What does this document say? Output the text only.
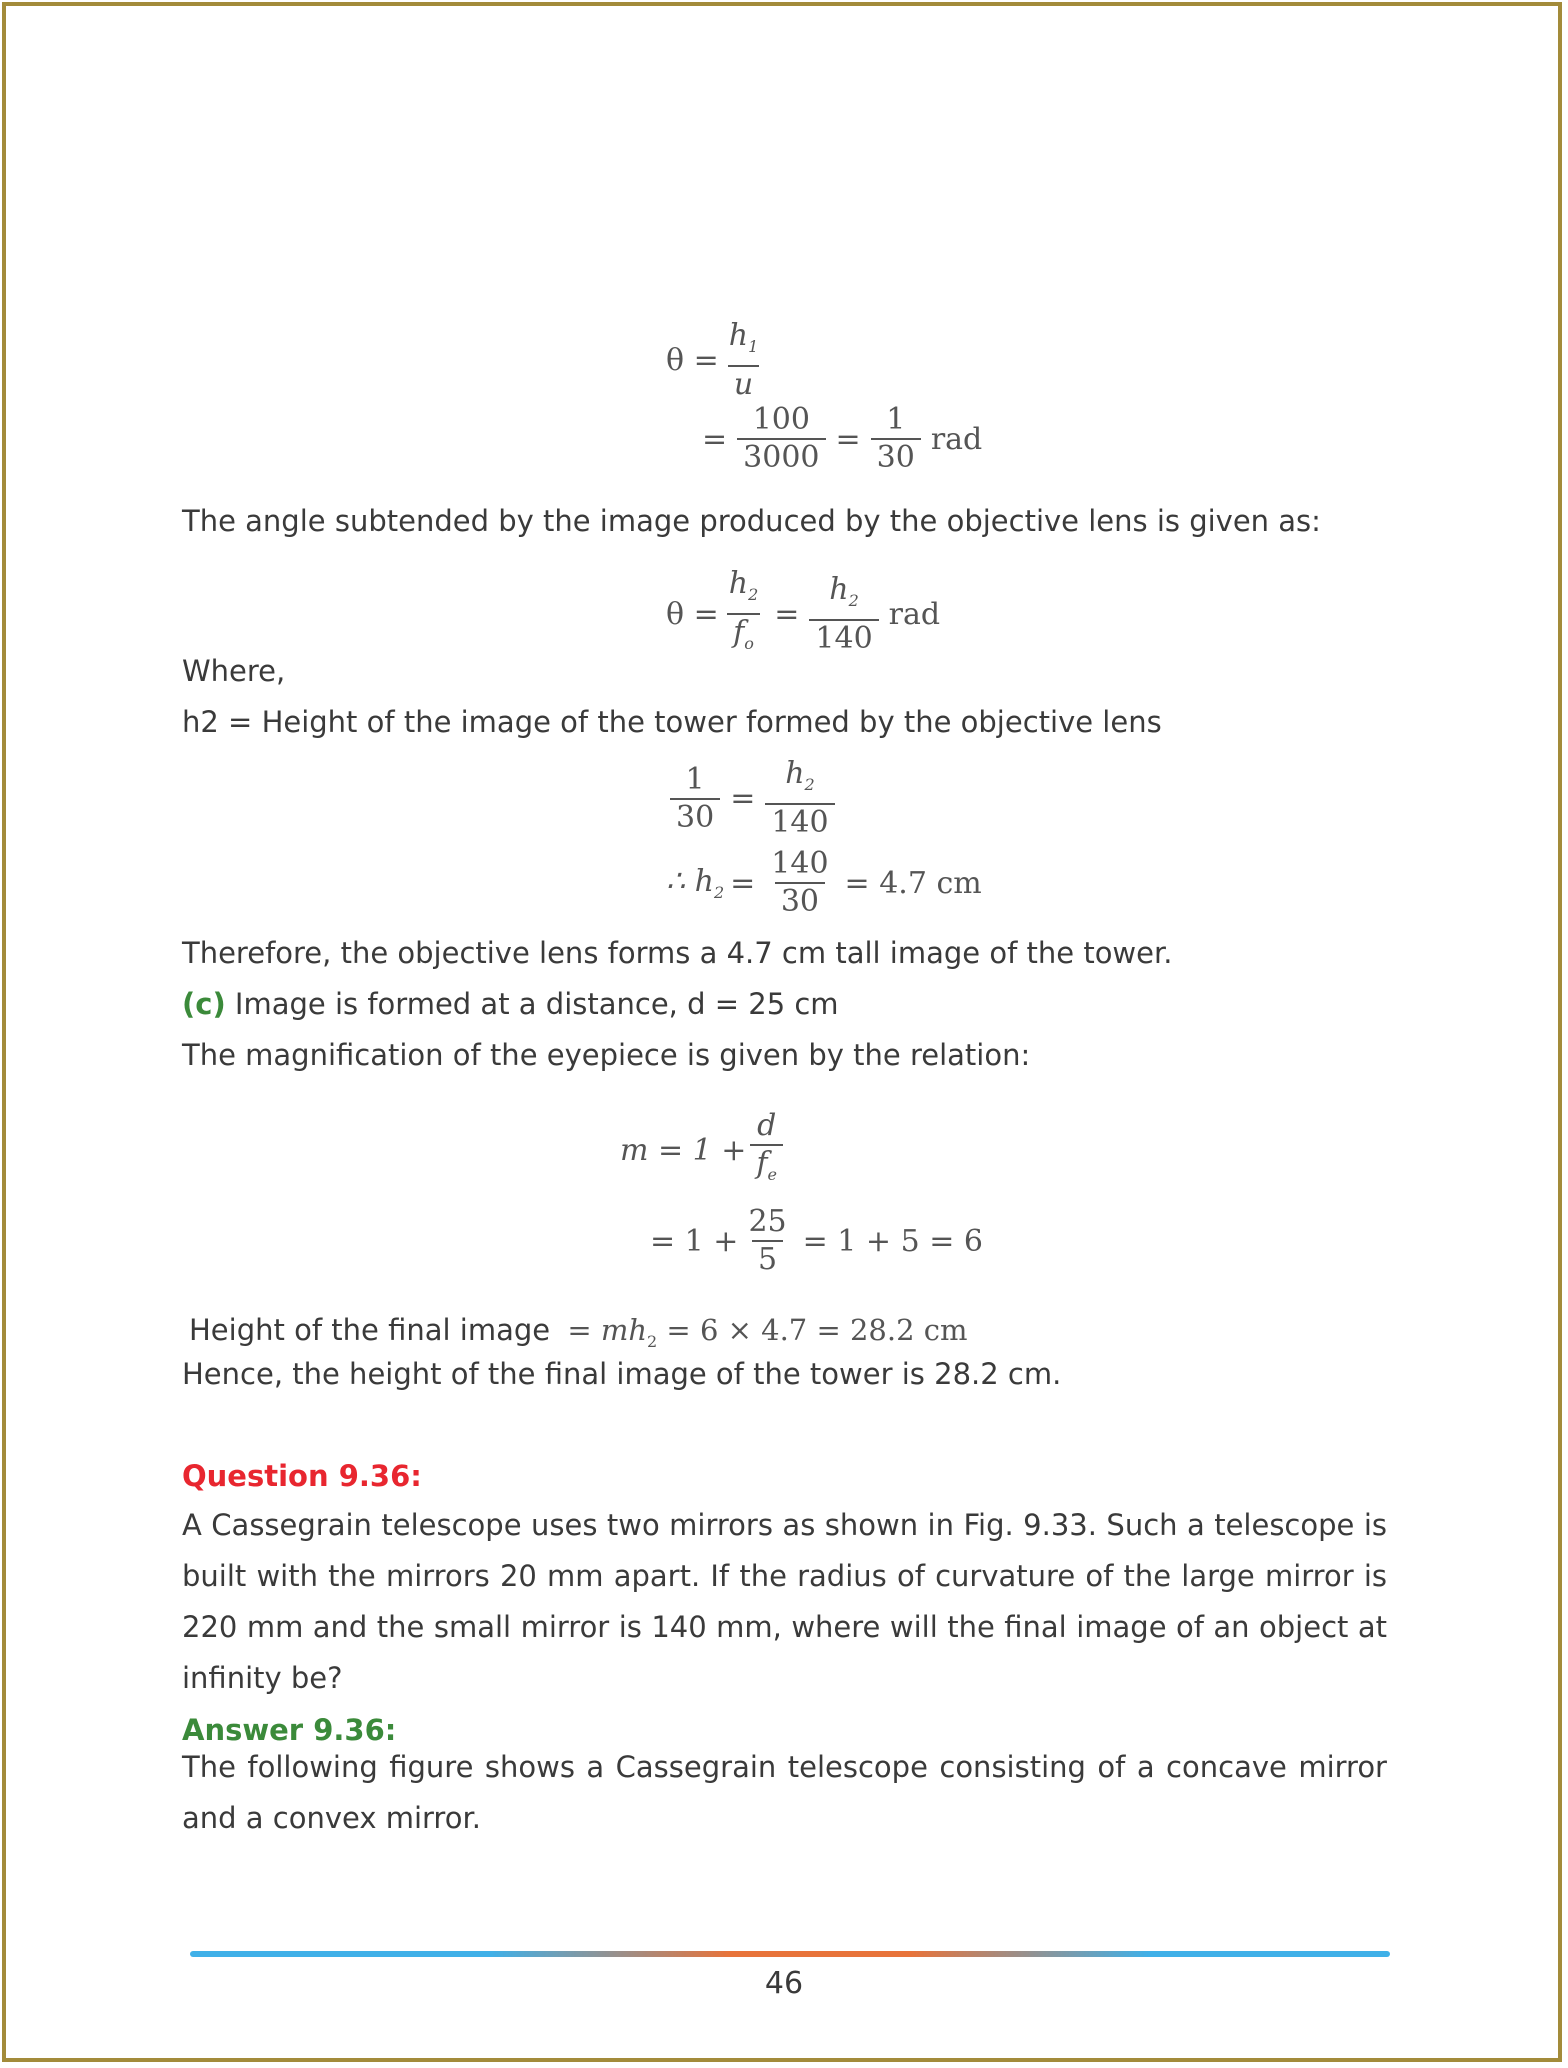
$\theta = \frac{h_1}{u}$
= $\frac{100}{3000} = \frac{1}{30}$ rad
The angle subtended by the image produced by the objective lens is given as:
$\theta = \frac{h_2}{f_o} = \frac{h_2}{140}$ rad
Where,
h2 = Height of the image of the tower formed by the objective lens
$\frac{1}{30} = \frac{h_2}{140}$
∴ $h_2 = \frac{140}{30} = 4.7$ cm
Therefore, the objective lens forms a 4.7 cm tall image of the tower.
(c) Image is formed at a distance, d = 25 cm
The magnification of the eyepiece is given by the relation:
$m = 1 + \frac{d}{f_e}$
= $1 + \frac{25}{5} = 1 + 5 = 6$
Height of the final image = $mh_2 = 6 \times 4.7 = 28.2$ cm
Hence, the height of the final image of the tower is 28.2 cm.
Question 9.36:
A Cassegrain telescope uses two mirrors as shown in Fig. 9.33. Such a telescope is built with the mirrors 20 mm apart. If the radius of curvature of the large mirror is 220 mm and the small mirror is 140 mm, where will the final image of an object at infinity be?
Answer 9.36:
The following figure shows a Cassegrain telescope consisting of a concave mirror and a convex mirror.
46
